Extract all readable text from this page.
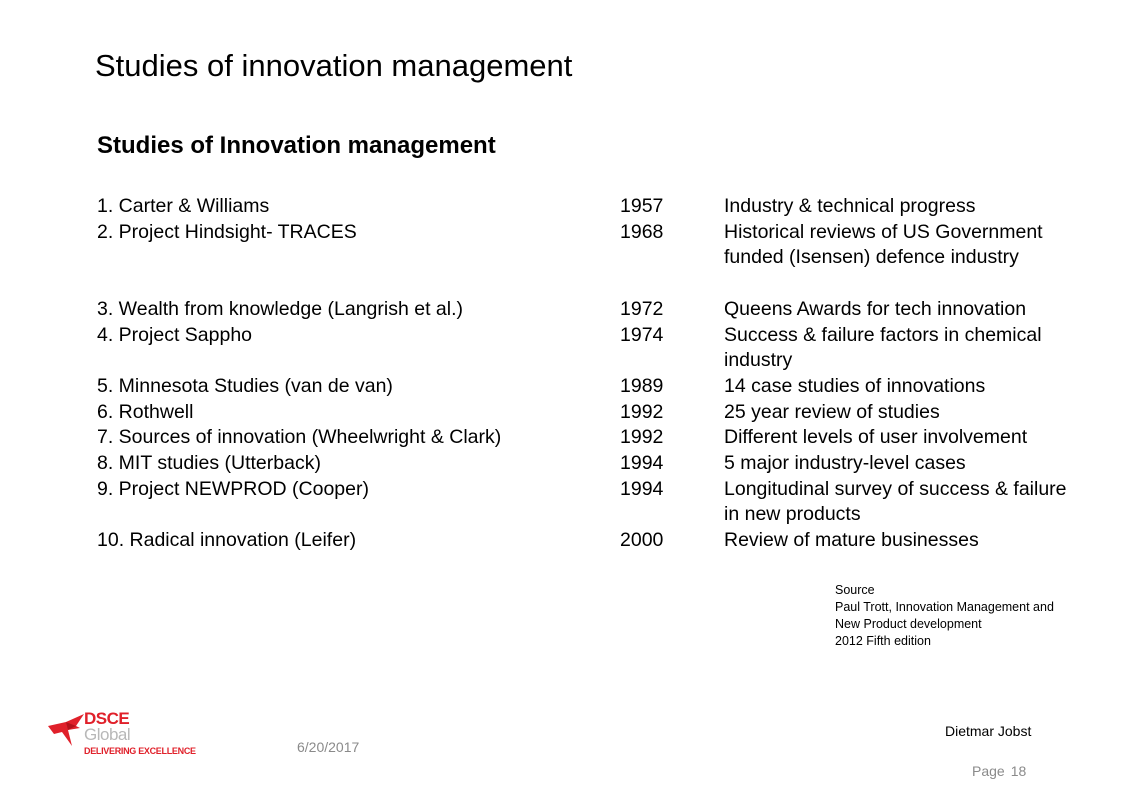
Studies of innovation management
Studies of Innovation management
1. Carter & Williams	1957	Industry & technical progress
2. Project Hindsight- TRACES	1968	Historical reviews of US Government funded (Isensen) defence industry
3. Wealth from knowledge (Langrish et al.)	1972	Queens Awards for tech innovation
4. Project Sappho	1974	Success & failure factors in chemical industry
5. Minnesota Studies (van de van)	1989	14 case studies of innovations
6. Rothwell	1992	25 year review of studies
7. Sources of innovation (Wheelwright & Clark)	1992	Different levels of user involvement
8. MIT studies (Utterback)	1994	5 major industry-level cases
9. Project NEWPROD (Cooper)	1994	Longitudinal survey of success & failure in new products
10. Radical innovation (Leifer)	2000	Review of mature businesses
Source
Paul Trott, Innovation Management and
New Product development
2012 Fifth edition
DSCE
Global
DELIVERING EXCELLENCE	6/20/2017
Dietmar Jobst
Page 18
